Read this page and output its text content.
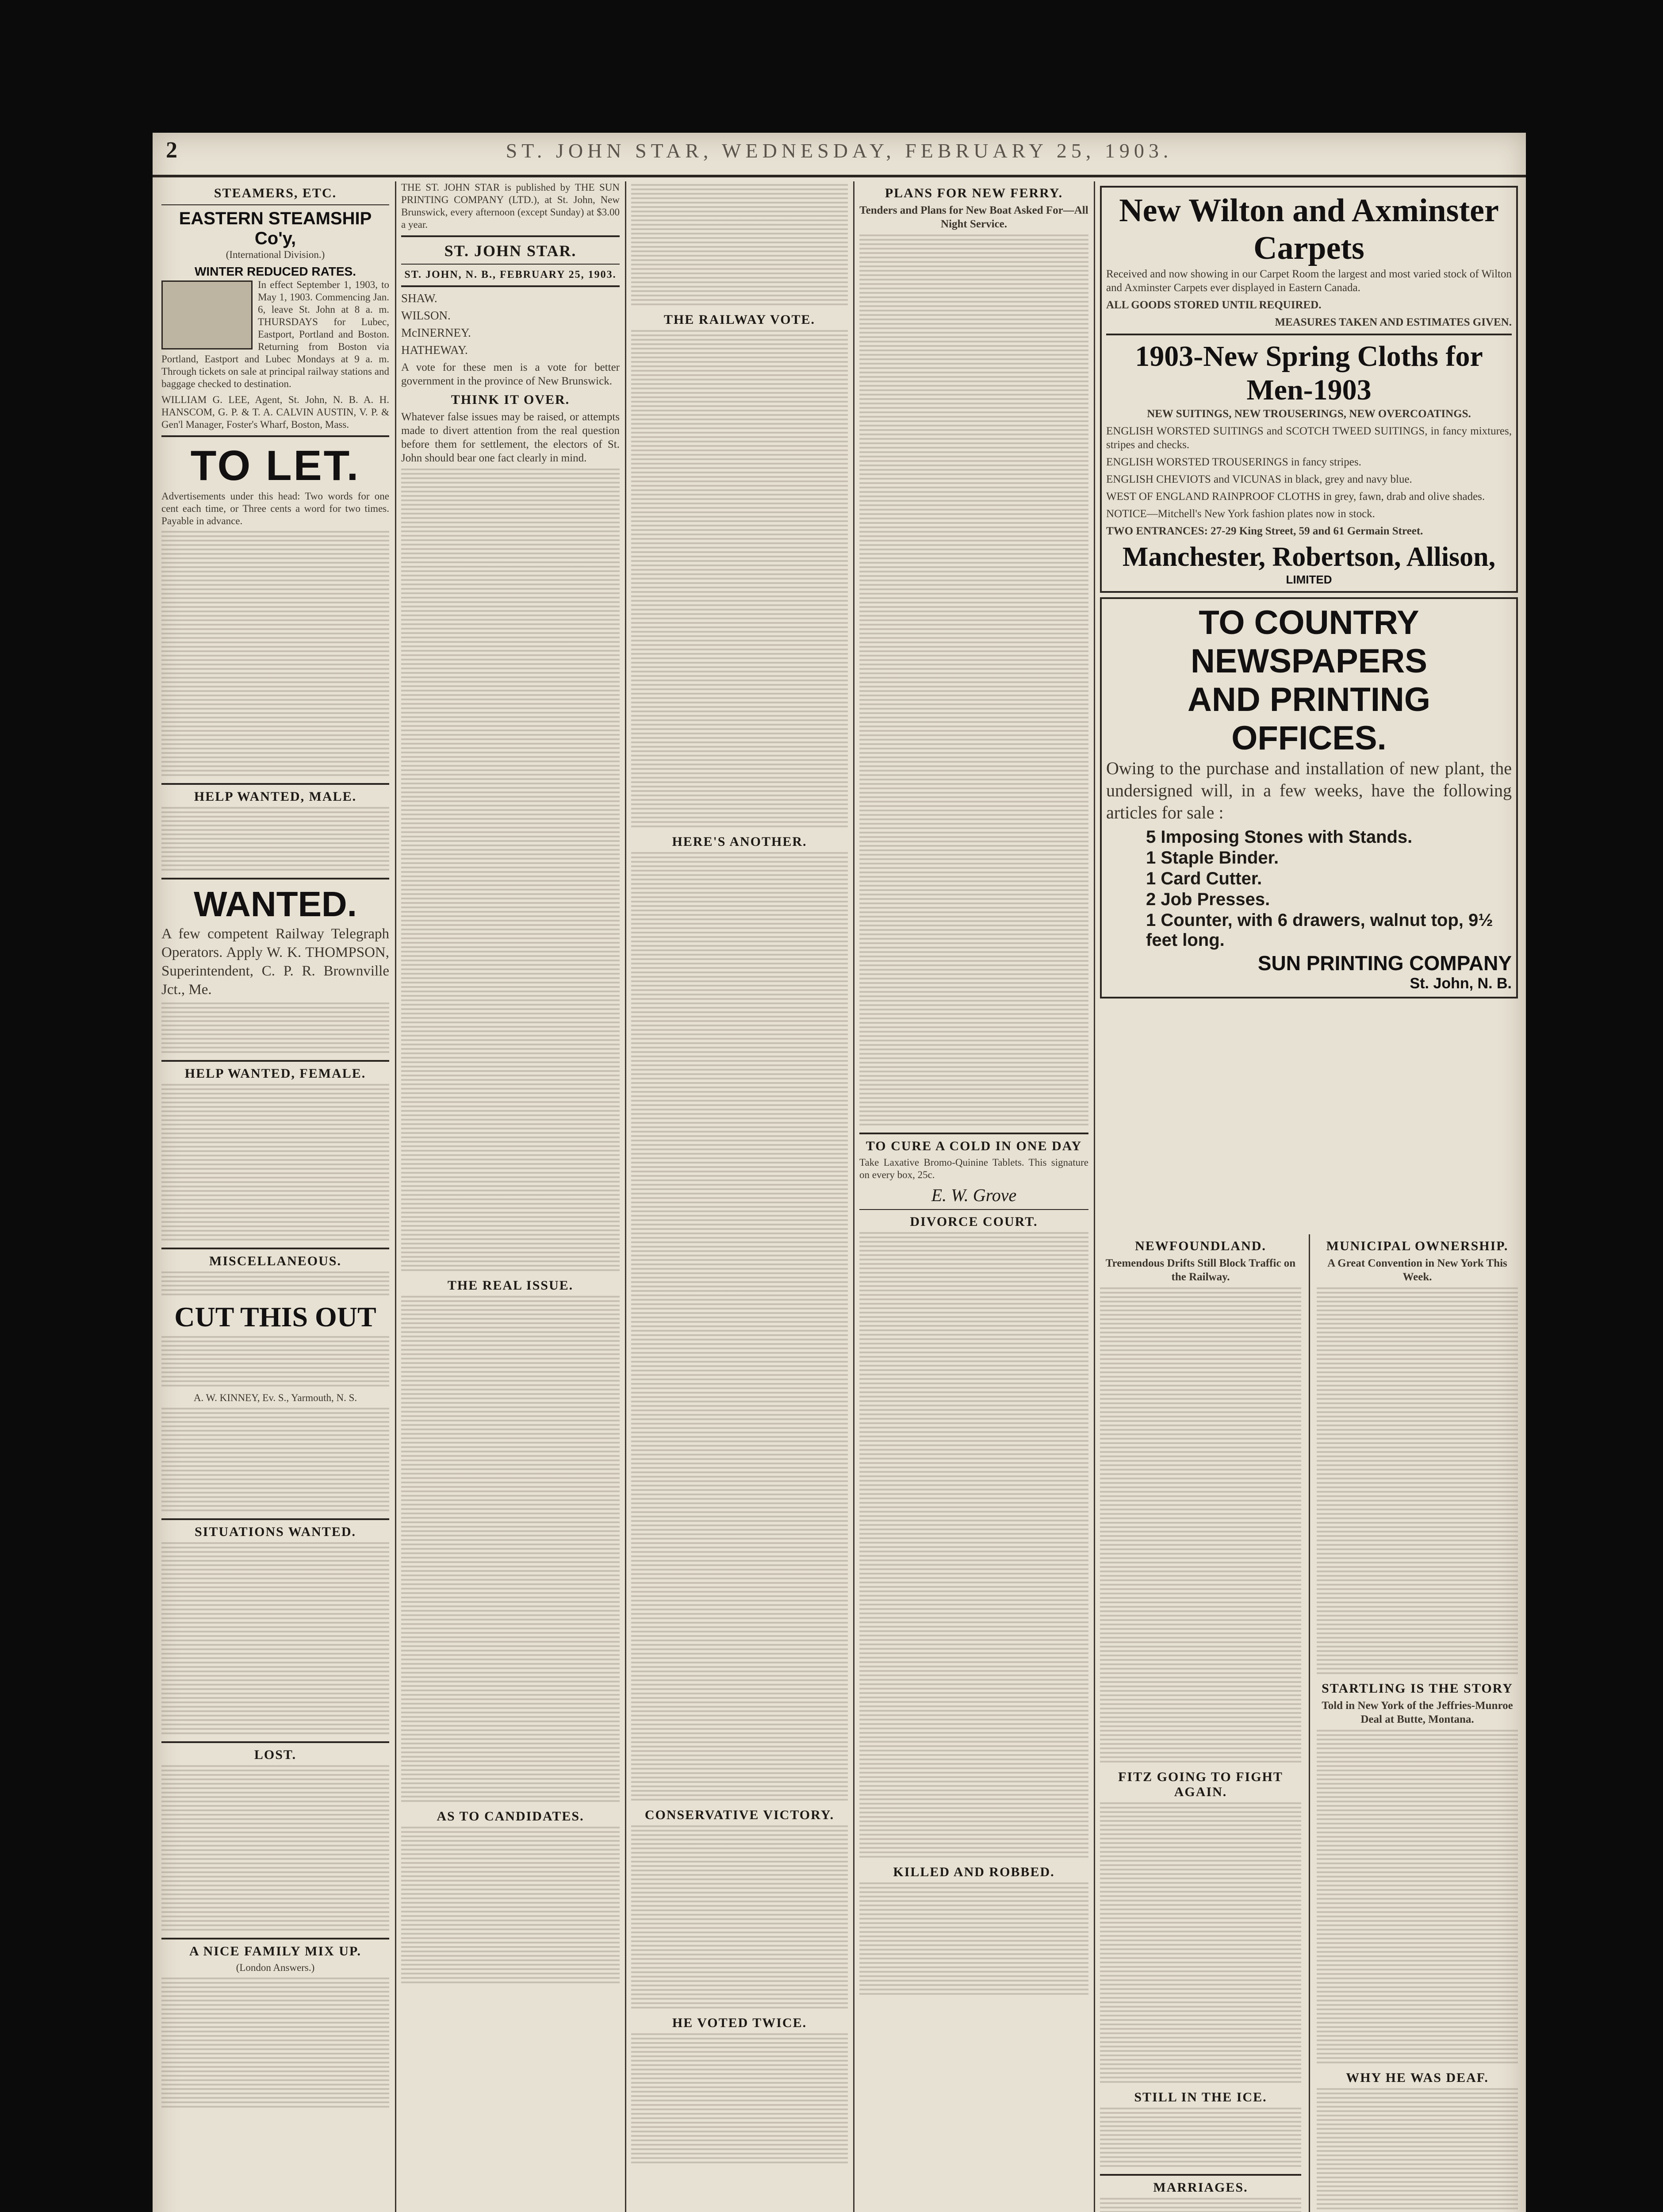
2	ST. JOHN STAR, WEDNESDAY, FEBRUARY 25, 1903.
STEAMERS, ETC.
EASTERN STEAMSHIP Co'y,
(International Division.)
WINTER REDUCED RATES.

In effect September 1, 1903, to May 1, 1903. Commencing Jan. 6, leave St. John at 8 a. m. THURSDAYS for Lubec, Eastport, Portland and Boston. Returning from Boston via Portland, Eastport and Lubec Mondays at 9 a. m. Through tickets on sale at principal railway stations and baggage checked to destination.

WILLIAM G. LEE, Agent, St. John, N. B. A. H. HANSCOM, G. P. & T. A. CALVIN AUSTIN, V. P. & Gen'l Manager, Foster's Wharf, Boston, Mass.

TO LET.

Advertisements under this head: Two words for one cent each time, or Three cents a word for two times. Payable in advance.

HELP WANTED, MALE.
WANTED.

A few competent Railway Telegraph Operators. Apply W. K. THOMPSON, Superintendent, C. P. R. Brownville Jct., Me.

HELP WANTED, FEMALE.
MISCELLANEOUS.
CUT THIS OUT
A. W. KINNEY, Ev. S., Yarmouth, N. S.
SITUATIONS WANTED.
LOST.
A NICE FAMILY MIX UP.
(London Answers.)

THE ST. JOHN STAR is published by THE SUN PRINTING COMPANY (LTD.), at St. John, New Brunswick, every afternoon (except Sunday) at $3.00 a year.

ST. JOHN STAR.
ST. JOHN, N. B., FEBRUARY 25, 1903.
SHAW.
WILSON.
McINERNEY.
HATHEWAY.

A vote for these men is a vote for better government in the province of New Brunswick.

THINK IT OVER.

Whatever false issues may be raised, or attempts made to divert attention from the real question before them for settlement, the electors of St. John should bear one fact clearly in mind.

THE REAL ISSUE.
AS TO CANDIDATES.
THE RAILWAY VOTE.
HERE'S ANOTHER.
CONSERVATIVE VICTORY.
HE VOTED TWICE.
PLANS FOR NEW FERRY.
Tenders and Plans for New Boat Asked For—All Night Service.
TO CURE A COLD IN ONE DAY

Take Laxative Bromo-Quinine Tablets. This signature on every box, 25c.

E. W. Grove
DIVORCE COURT.
KILLED AND ROBBED.
New Wilton and Axminster Carpets

Received and now showing in our Carpet Room the largest and most varied stock of Wilton and Axminster Carpets ever displayed in Eastern Canada.

ALL GOODS STORED UNTIL REQUIRED.
MEASURES TAKEN AND ESTIMATES GIVEN.
1903-New Spring Cloths for Men-1903
NEW SUITINGS, NEW TROUSERINGS, NEW OVERCOATINGS.
ENGLISH WORSTED SUITINGS and SCOTCH TWEED SUITINGS, in fancy mixtures, stripes and checks.
ENGLISH WORSTED TROUSERINGS in fancy stripes.
ENGLISH CHEVIOTS and VICUNAS in black, grey and navy blue.
WEST OF ENGLAND RAINPROOF CLOTHS in grey, fawn, drab and olive shades.
NOTICE—Mitchell's New York fashion plates now in stock.
TWO ENTRANCES: 27-29 King Street, 59 and 61 Germain Street.
Manchester, Robertson, Allison,
LIMITED
TO COUNTRY NEWSPAPERS
AND PRINTING OFFICES.

Owing to the purchase and installation of new plant, the undersigned will, in a few weeks, have the following articles for sale :

5 Imposing Stones with Stands.
1 Staple Binder.
1 Card Cutter.
2 Job Presses.
1 Counter, with 6 drawers, walnut top, 9½ feet long.
SUN PRINTING COMPANY
St. John, N. B.
NEWFOUNDLAND.
Tremendous Drifts Still Block Traffic on the Railway.
FITZ GOING TO FIGHT AGAIN.
STILL IN THE ICE.
MARRIAGES.
MUNICIPAL OWNERSHIP.
A Great Convention in New York This Week.
STARTLING IS THE STORY
Told in New York of the Jeffries-Munroe Deal at Butte, Montana.
WHY HE WAS DEAF.
